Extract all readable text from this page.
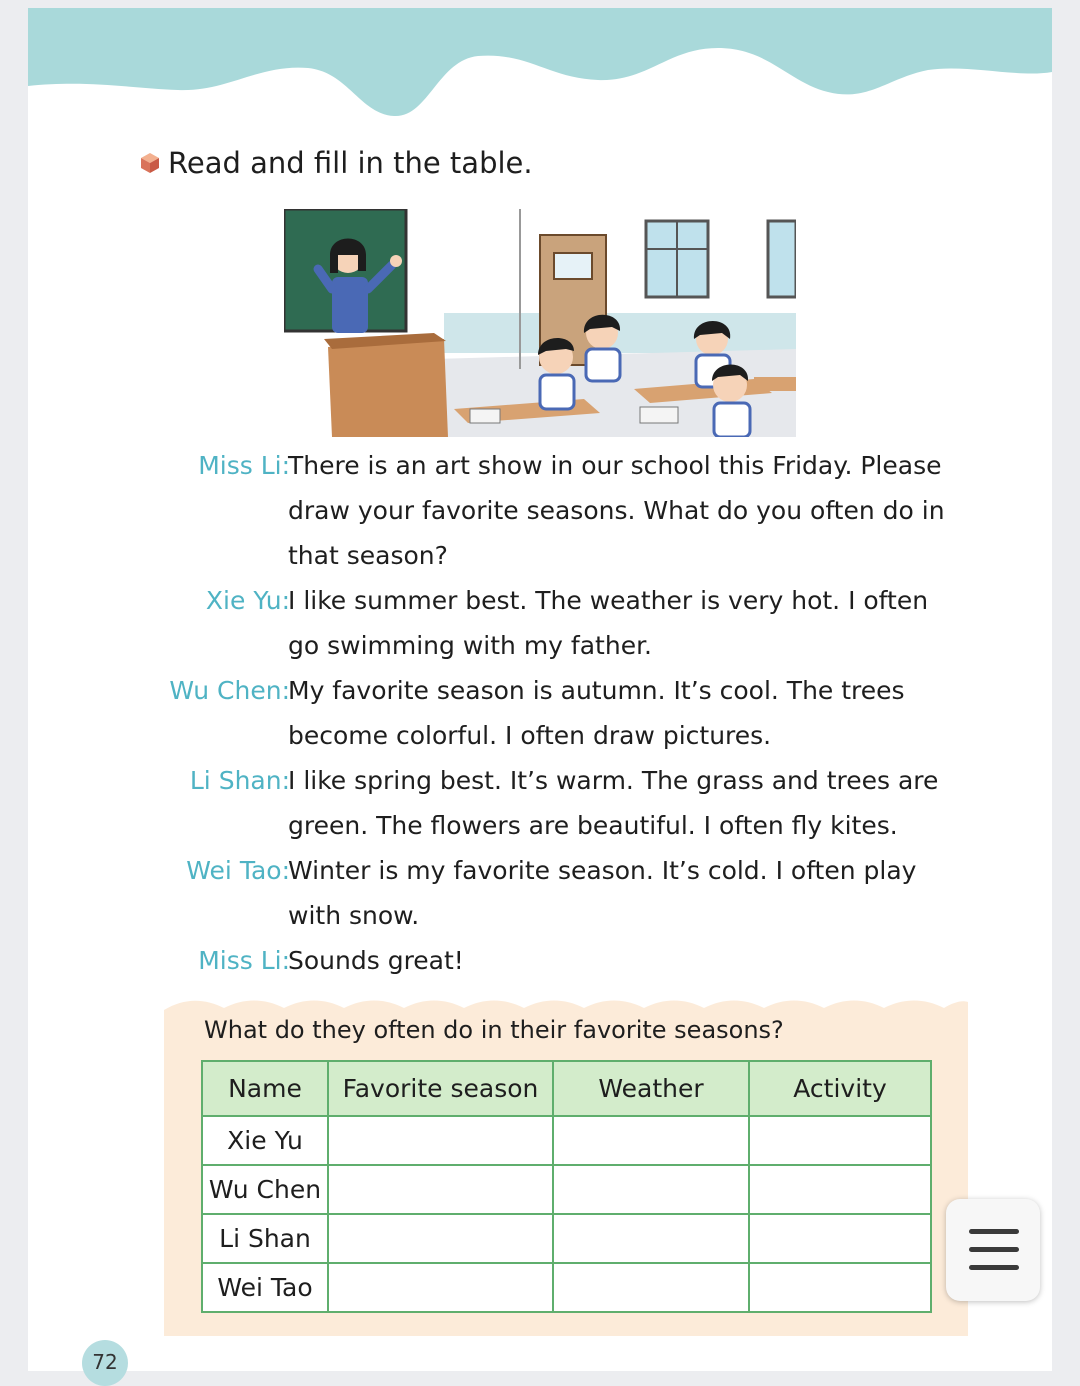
Read and fill in the table.
Miss Li:
There is an art show in our school this Friday. Please
draw your favorite seasons. What do you often do in
that season?
Xie Yu:
I like summer best. The weather is very hot. I often
go swimming with my father.
Wu Chen:
My favorite season is autumn. It’s cool. The trees
become colorful. I often draw pictures.
Li Shan:
I like spring best. It’s warm. The grass and trees are
green. The flowers are beautiful. I often fly kites.
Wei Tao:
Winter is my favorite season. It’s cold. I often play
with snow.
Miss Li:
Sounds great!
What do they often do in their favorite seasons?
Name	Favorite season	Weather	Activity
Xie Yu			
Wu Chen			
Li Shan			
Wei Tao			
72
